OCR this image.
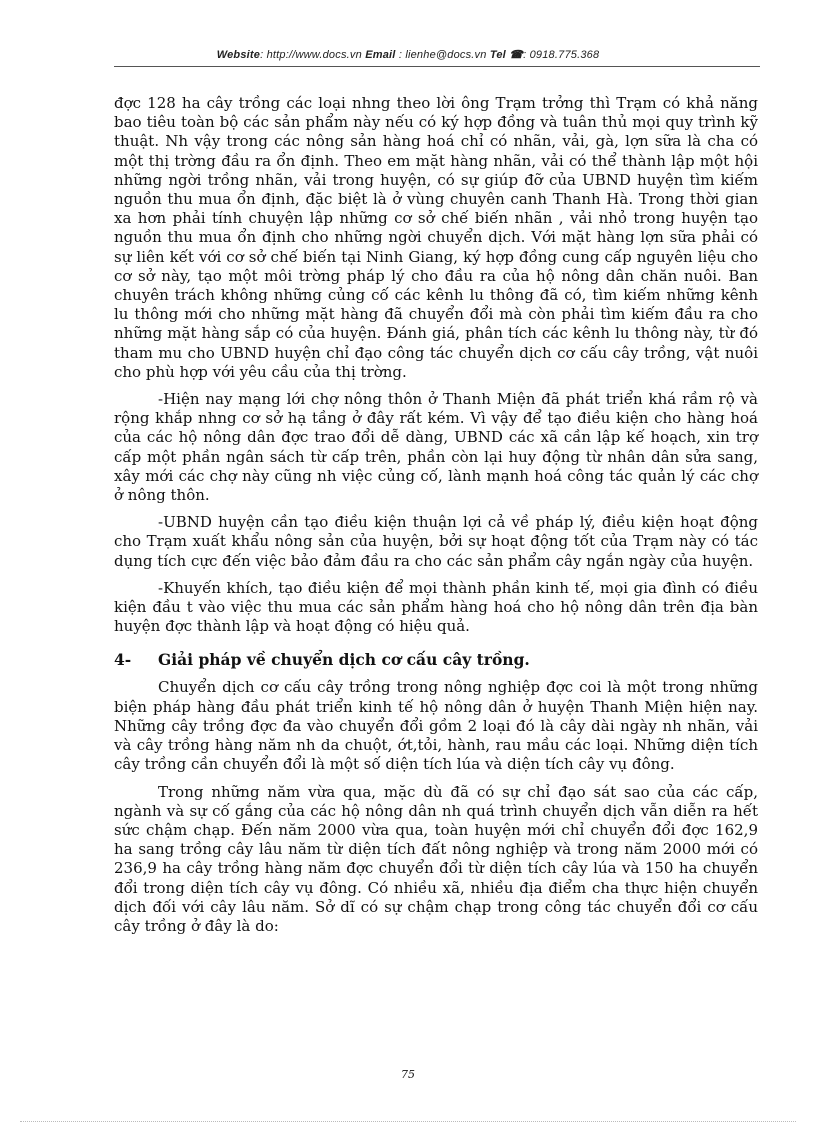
Website: http://www.docs.vn Email : lienhe@docs.vn Tel ☎: 0918.775.368

đợc 128 ha cây trồng các loại nhng theo lời ông Trạm trởng thì Trạm có khả năng bao tiêu toàn bộ các sản phẩm này nếu có ký hợp đồng và tuân thủ mọi quy trình kỹ thuật. Nh vậy trong các nông sản hàng hoá chỉ có nhãn, vải, gà, lợn sữa là cha có một thị trờng đầu ra ổn định. Theo em mặt hàng nhãn, vải có thể thành lập một hội những ngời trồng nhãn, vải trong huyện, có sự giúp đỡ của UBND huyện tìm kiếm nguồn thu mua ổn định, đặc biệt là ở vùng chuyên canh Thanh Hà. Trong thời gian xa hơn phải tính chuyện lập những cơ sở chế biến nhãn , vải nhỏ trong huyện tạo nguồn thu mua ổn định cho những ngời chuyển dịch. Với mặt hàng lợn sữa phải có sự liên kết với cơ sở chế biến tại Ninh Giang, ký hợp đồng cung cấp nguyên liệu cho cơ sở này, tạo một môi trờng pháp lý cho đầu ra của hộ nông dân chăn nuôi. Ban chuyên trách không những củng cố các kênh lu thông đã có, tìm kiếm những kênh lu thông mới cho những mặt hàng đã chuyển đổi mà còn phải tìm kiếm đầu ra cho những mặt hàng sắp có của huyện. Đánh giá, phân tích các kênh lu thông này, từ đó tham mu cho UBND huyện chỉ đạo công tác chuyển dịch cơ cấu cây trồng, vật nuôi cho phù hợp với yêu cầu của thị trờng.

-Hiện nay mạng lới chợ nông thôn ở Thanh Miện đã phát triển khá rầm rộ và rộng khắp nhng cơ sở hạ tầng ở đây rất kém. Vì vậy để tạo điều kiện cho hàng hoá của các hộ nông dân đợc trao đổi dễ dàng, UBND các xã cần lập kế hoạch, xin trợ cấp một phần ngân sách từ cấp trên, phần còn lại huy động từ nhân dân sửa sang, xây mới các chợ này cũng nh việc củng cố, lành mạnh hoá công tác quản lý các chợ ở nông thôn.

-UBND huyện cần tạo điều kiện thuận lợi cả về pháp lý, điều kiện hoạt động cho Trạm xuất khẩu nông sản của huyện, bởi sự hoạt động tốt của Trạm này có tác dụng tích cực đến việc bảo đảm đầu ra cho các sản phẩm cây ngắn ngày của huyện.

-Khuyến khích, tạo điều kiện để mọi thành phần kinh tế, mọi gia đình có điều kiện đầu t vào việc thu mua các sản phẩm hàng hoá cho hộ nông dân trên địa bàn huyện đợc thành lập và hoạt động có hiệu quả.

4- Giải pháp về chuyển dịch cơ cấu cây trồng.

Chuyển dịch cơ cấu cây trồng trong nông nghiệp đợc coi là một trong những biện pháp hàng đầu phát triển kinh tế hộ nông dân ở huyện Thanh Miện hiện nay. Những cây trồng đợc đa vào chuyển đổi gồm 2 loại đó là cây dài ngày nh nhãn, vải và cây trồng hàng năm nh da chuột, ớt,tỏi, hành, rau mầu các loại. Những diện tích cây trồng cần chuyển đổi là một số diện tích lúa và diện tích cây vụ đông.

Trong những năm vừa qua, mặc dù đã có sự chỉ đạo sát sao của các cấp, ngành và sự cố gắng của các hộ nông dân nh quá trình chuyển dịch vẫn diễn ra hết sức chậm chạp. Đến năm 2000 vừa qua, toàn huyện mới chỉ chuyển đổi đợc 162,9 ha sang trồng cây lâu năm từ diện tích đất nông nghiệp và trong năm 2000 mới có 236,9 ha cây trồng hàng năm đợc chuyển đổi từ diện tích cây lúa và 150 ha chuyển đổi trong diện tích cây vụ đông. Có nhiều xã, nhiều địa điểm cha thực hiện chuyển dịch đối với cây lâu năm. Sở dĩ có sự chậm chạp trong công tác chuyển đổi cơ cấu cây trồng ở đây là do:

75
